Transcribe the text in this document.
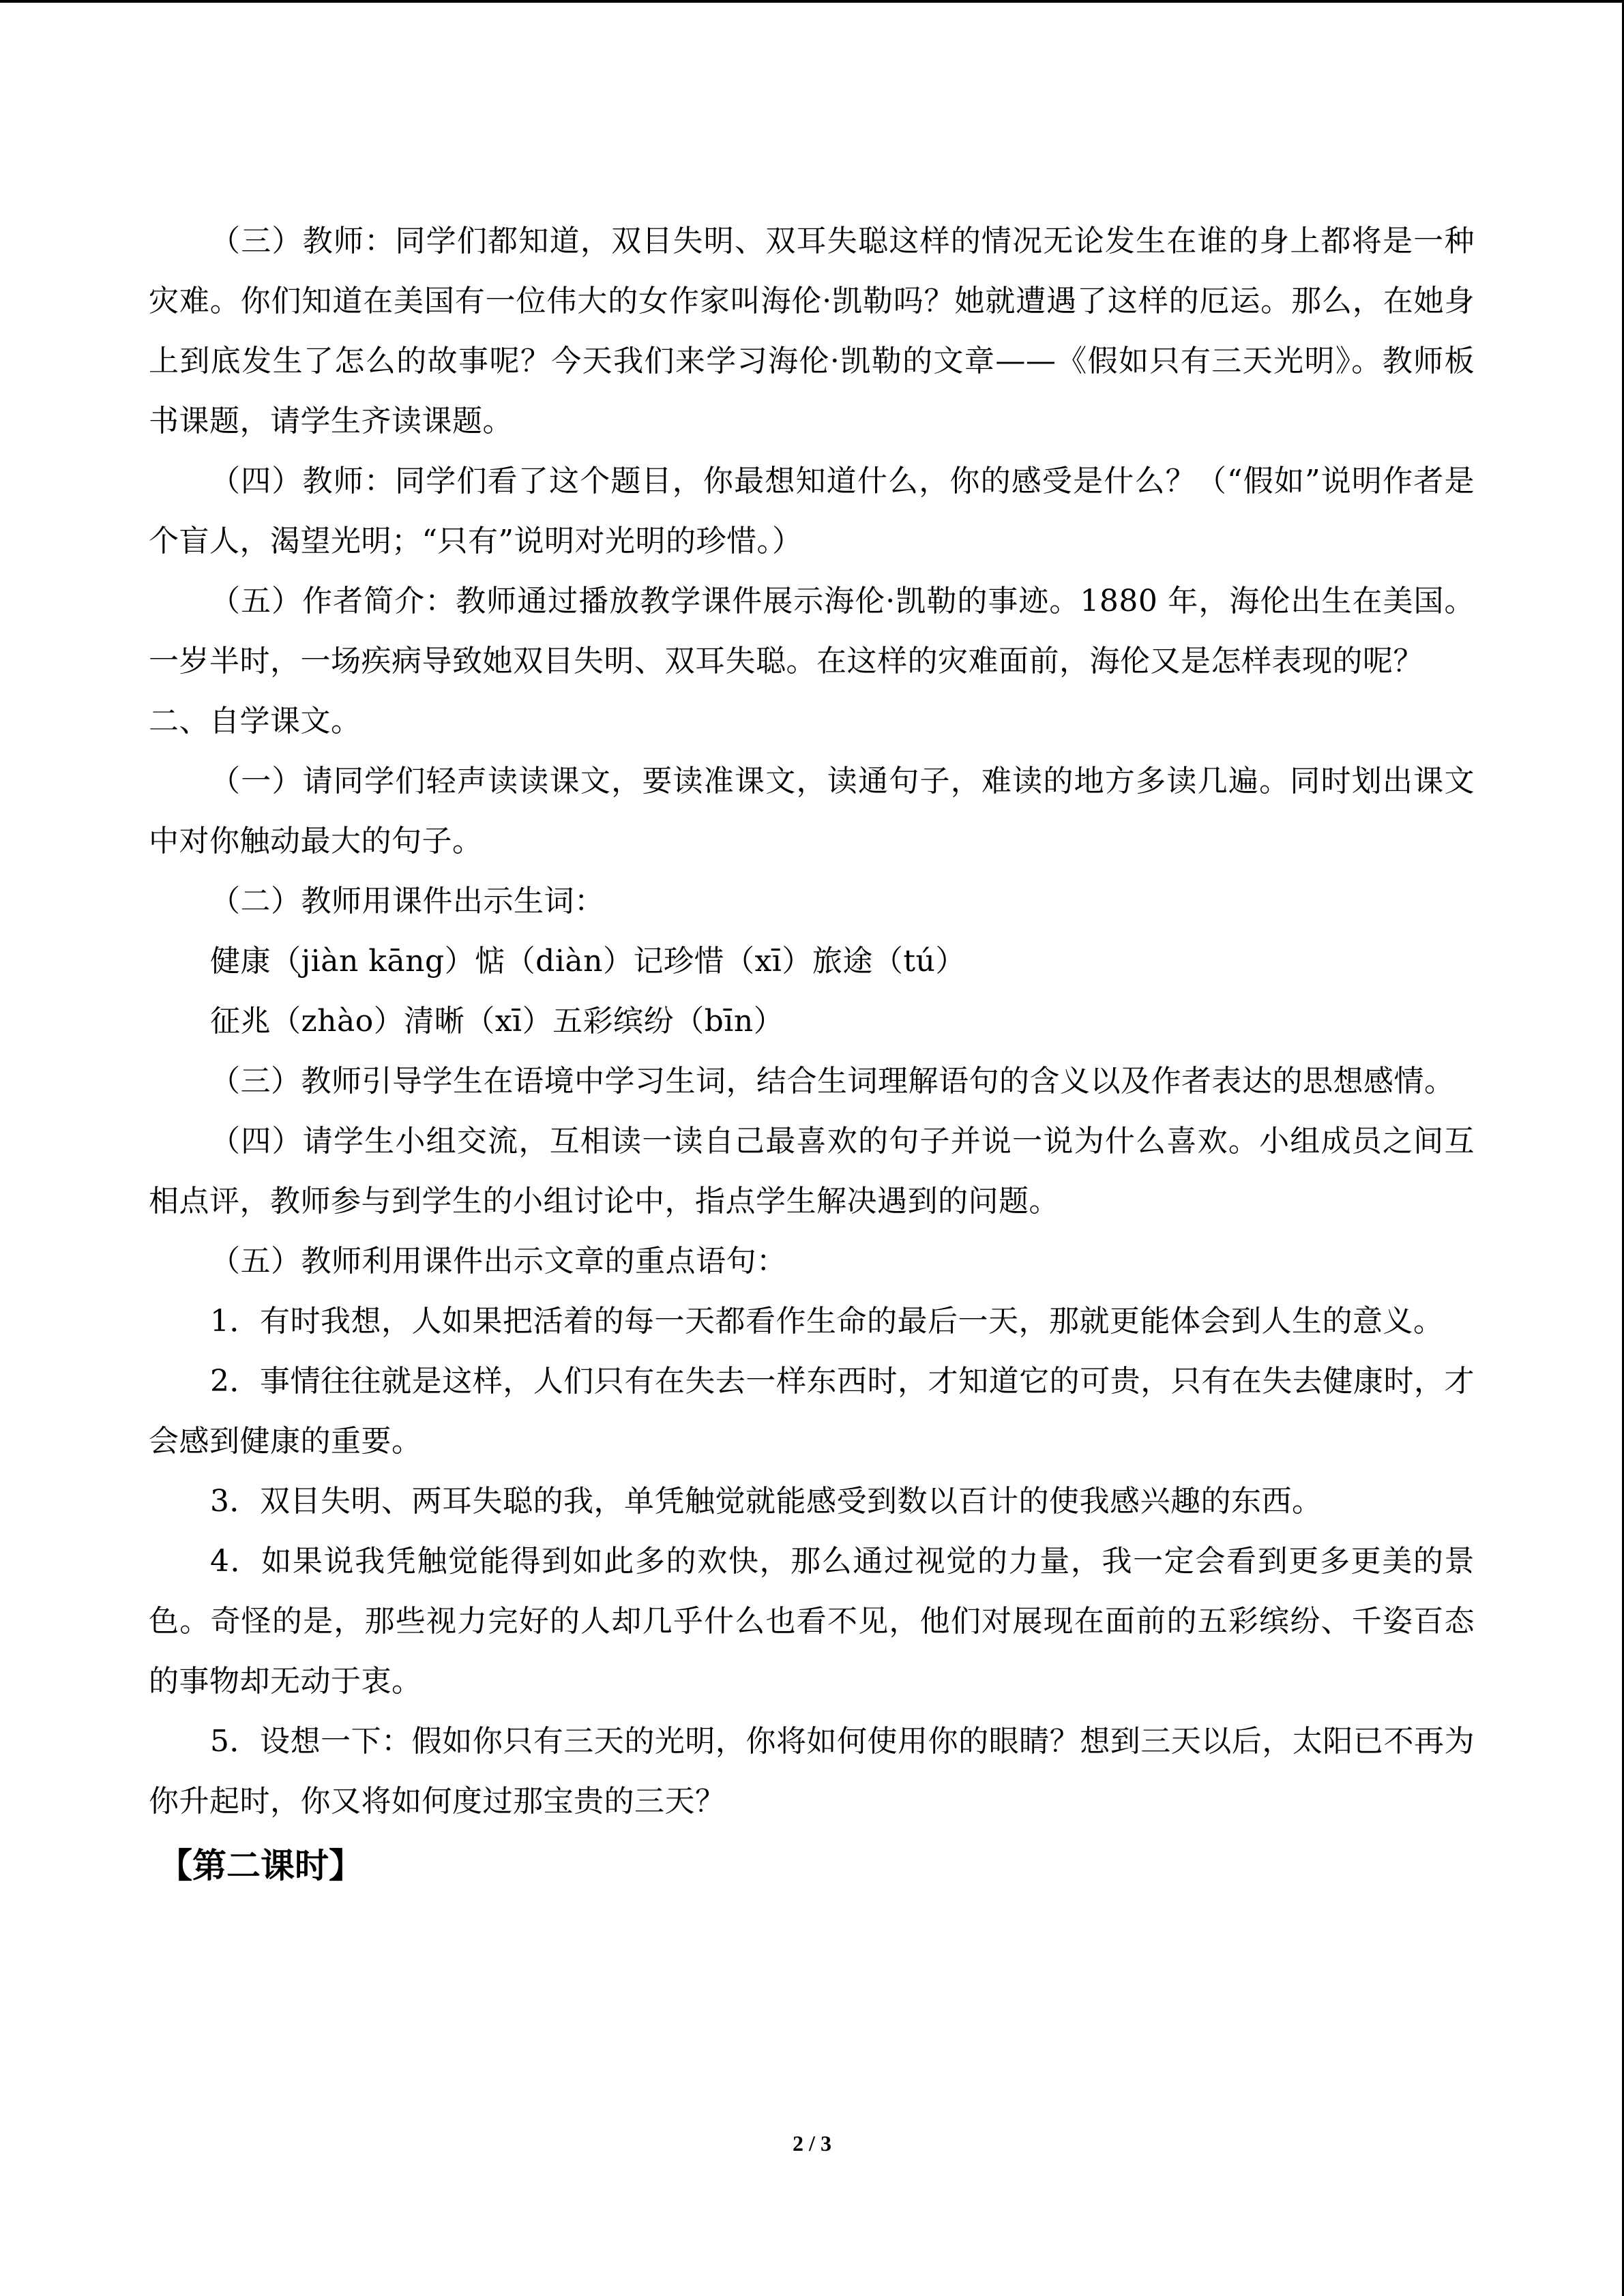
（三）教师：同学们都知道，双目失明、双耳失聪这样的情况无论发生在谁的身上都将是一种灾难。你们知道在美国有一位伟大的女作家叫海伦·凯勒吗？她就遭遇了这样的厄运。那么，在她身上到底发生了怎么的故事呢？今天我们来学习海伦·凯勒的文章——《假如只有三天光明》。教师板书课题，请学生齐读课题。

（四）教师：同学们看了这个题目，你最想知道什么，你的感受是什么？（“假如”说明作者是个盲人，渴望光明；“只有”说明对光明的珍惜。）

（五）作者简介：教师通过播放教学课件展示海伦·凯勒的事迹。1880 年，海伦出生在美国。一岁半时，一场疾病导致她双目失明、双耳失聪。在这样的灾难面前，海伦又是怎样表现的呢？

二、自学课文。

（一）请同学们轻声读读课文，要读准课文，读通句子，难读的地方多读几遍。同时划出课文中对你触动最大的句子。

（二）教师用课件出示生词：

健康（jiàn kāng）惦（diàn）记珍惜（xī）旅途（tú）

征兆（zhào）清晰（xī）五彩缤纷（bīn）

（三）教师引导学生在语境中学习生词，结合生词理解语句的含义以及作者表达的思想感情。

（四）请学生小组交流，互相读一读自己最喜欢的句子并说一说为什么喜欢。小组成员之间互相点评，教师参与到学生的小组讨论中，指点学生解决遇到的问题。

（五）教师利用课件出示文章的重点语句：

1．有时我想，人如果把活着的每一天都看作生命的最后一天，那就更能体会到人生的意义。

2．事情往往就是这样，人们只有在失去一样东西时，才知道它的可贵，只有在失去健康时，才会感到健康的重要。

3．双目失明、两耳失聪的我，单凭触觉就能感受到数以百计的使我感兴趣的东西。

4．如果说我凭触觉能得到如此多的欢快，那么通过视觉的力量，我一定会看到更多更美的景色。奇怪的是，那些视力完好的人却几乎什么也看不见，他们对展现在面前的五彩缤纷、千姿百态的事物却无动于衷。

5．设想一下：假如你只有三天的光明，你将如何使用你的眼睛？想到三天以后，太阳已不再为你升起时，你又将如何度过那宝贵的三天？

【第二课时】
2 / 3
